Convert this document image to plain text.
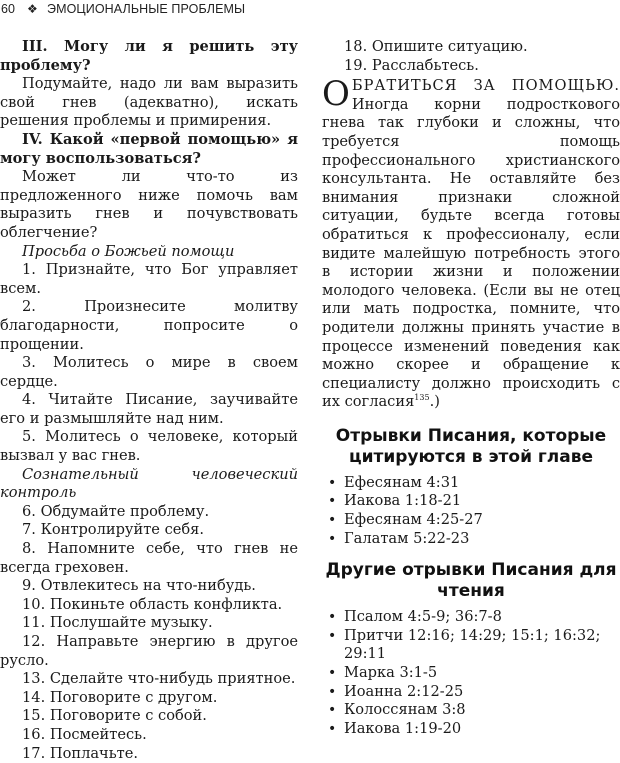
60 ❖ ЭМОЦИОНАЛЬНЫЕ ПРОБЛЕМЫ

III. Могу ли я решить эту проблему?

Подумайте, надо ли вам выразить свой гнев (адекватно), искать решения проблемы и примирения.

IV. Какой «первой помощью» я могу воспользоваться?

Может ли что-то из предложенного ниже помочь вам выразить гнев и почувствовать облегчение?

Просьба о Божьей помощи

1. Признайте, что Бог управляет всем.

2. Произнесите молитву благодарности, попросите о прощении.

3. Молитесь о мире в своем сердце.

4. Читайте Писание, заучивайте его и размышляйте над ним.

5. Молитесь о человеке, который вызвал у вас гнев.

Сознательный человеческий контроль

6. Обдумайте проблему.

7. Контролируйте себя.

8. Напомните себе, что гнев не всегда греховен.

9. Отвлекитесь на что-нибудь.

10. Покиньте область конфликта.

11. Послушайте музыку.

12. Направьте энергию в другое русло.

13. Сделайте что-нибудь приятное.

14. Поговорите с другом.

15. Поговорите с собой.

16. Посмейтесь.

17. Поплачьте.

18. Опишите ситуацию.

19. Расслабьтесь.

ОБРАТИТЬСЯ ЗА ПОМОЩЬЮ. Иногда корни подросткового гнева так глубоки и сложны, что требуется помощь профессионального христианского консультанта. Не оставляйте без внимания признаки сложной ситуации, будьте всегда готовы обратиться к профессионалу, если видите малейшую потребность этого в истории жизни и положении молодого человека. (Если вы не отец или мать подростка, помните, что родители должны принять участие в процессе изменений поведения как можно скорее и обращение к специалисту должно происходить с их согласия$^{135}$.)

Отрывки Писания, которые цитируются в этой главе
• Ефесянам 4:31
• Иакова 1:18-21
• Ефесянам 4:25-27
• Галатам 5:22-23
Другие отрывки Писания для чтения
• Псалом 4:5-9; 36:7-8
• Притчи 12:16; 14:29; 15:1; 16:32; 29:11
• Марка 3:1-5
• Иоанна 2:12-25
• Колоссянам 3:8
• Иакова 1:19-20
